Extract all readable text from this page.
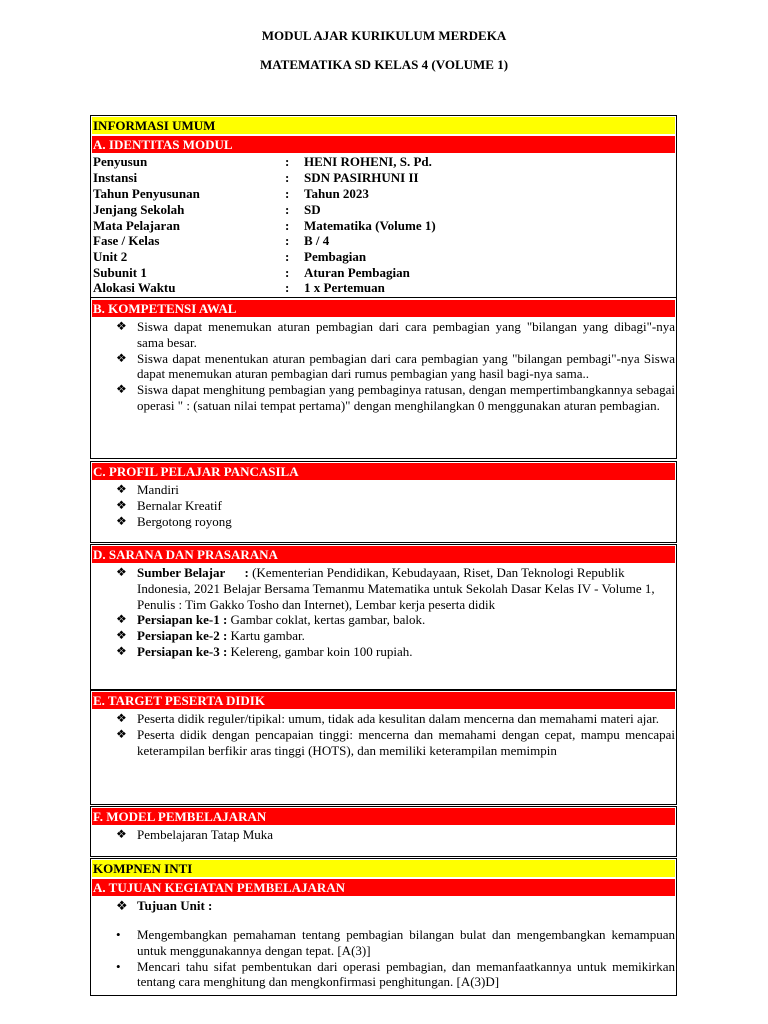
MODUL AJAR KURIKULUM MERDEKA
MATEMATIKA SD KELAS 4 (VOLUME 1)
INFORMASI UMUM
A. IDENTITAS MODUL
B. KOMPETENSI AWAL
C. PROFIL PELAJAR PANCASILA
D. SARANA DAN PRASARANA
E. TARGET PESERTA DIDIK
F. MODEL PEMBELAJARAN
KOMPNEN INTI
A. TUJUAN KEGIATAN PEMBELAJARAN
Penyusun	: HENI ROHENI, S. Pd.
Instansi	: SDN PASIRHUNI II
Tahun Penyusunan	: Tahun 2023
Jenjang Sekolah	: SD
Mata Pelajaran	: Matematika (Volume 1)
Fase / Kelas	: B / 4
Unit 2	: Pembagian
Subunit 1	: Aturan Pembagian
Alokasi Waktu	: 1 x Pertemuan
❖ Siswa dapat menemukan aturan pembagian dari cara pembagian yang "bilangan yang dibagi"-nya sama besar.
❖ Siswa dapat menentukan aturan pembagian dari cara pembagian yang "bilangan pembagi"-nya Siswa dapat menemukan aturan pembagian dari rumus pembagian yang hasil bagi-nya sama..
❖ Siswa dapat menghitung pembagian yang pembaginya ratusan, dengan mempertimbangkannya sebagai operasi " : (satuan nilai tempat pertama)" dengan menghilangkan 0 menggunakan aturan pembagian.
❖ Mandiri
❖ Bernalar Kreatif
❖ Bergotong royong
❖ Sumber Belajar      : (Kementerian Pendidikan, Kebudayaan, Riset, Dan Teknologi Republik Indonesia, 2021 Belajar Bersama Temanmu Matematika untuk Sekolah Dasar Kelas IV - Volume 1, Penulis : Tim Gakko Tosho dan Internet), Lembar kerja peserta didik
❖ Persiapan ke-1 : Gambar coklat, kertas gambar, balok.
❖ Persiapan ke-2 : Kartu gambar.
❖ Persiapan ke-3 : Kelereng, gambar koin 100 rupiah.
❖ Peserta didik reguler/tipikal: umum, tidak ada kesulitan dalam mencerna dan memahami materi ajar.
❖ Peserta didik dengan pencapaian tinggi: mencerna dan memahami dengan cepat, mampu mencapai keterampilan berfikir aras tinggi (HOTS), dan memiliki keterampilan memimpin
❖ Pembelajaran Tatap Muka
❖ Tujuan Unit :
• Mengembangkan pemahaman tentang pembagian bilangan bulat dan mengembangkan kemampuan untuk menggunakannya dengan tepat. [A(3)]
• Mencari tahu sifat pembentukan dari operasi pembagian, dan memanfaatkannya untuk memikirkan tentang cara menghitung dan mengkonfirmasi penghitungan. [A(3)D]
